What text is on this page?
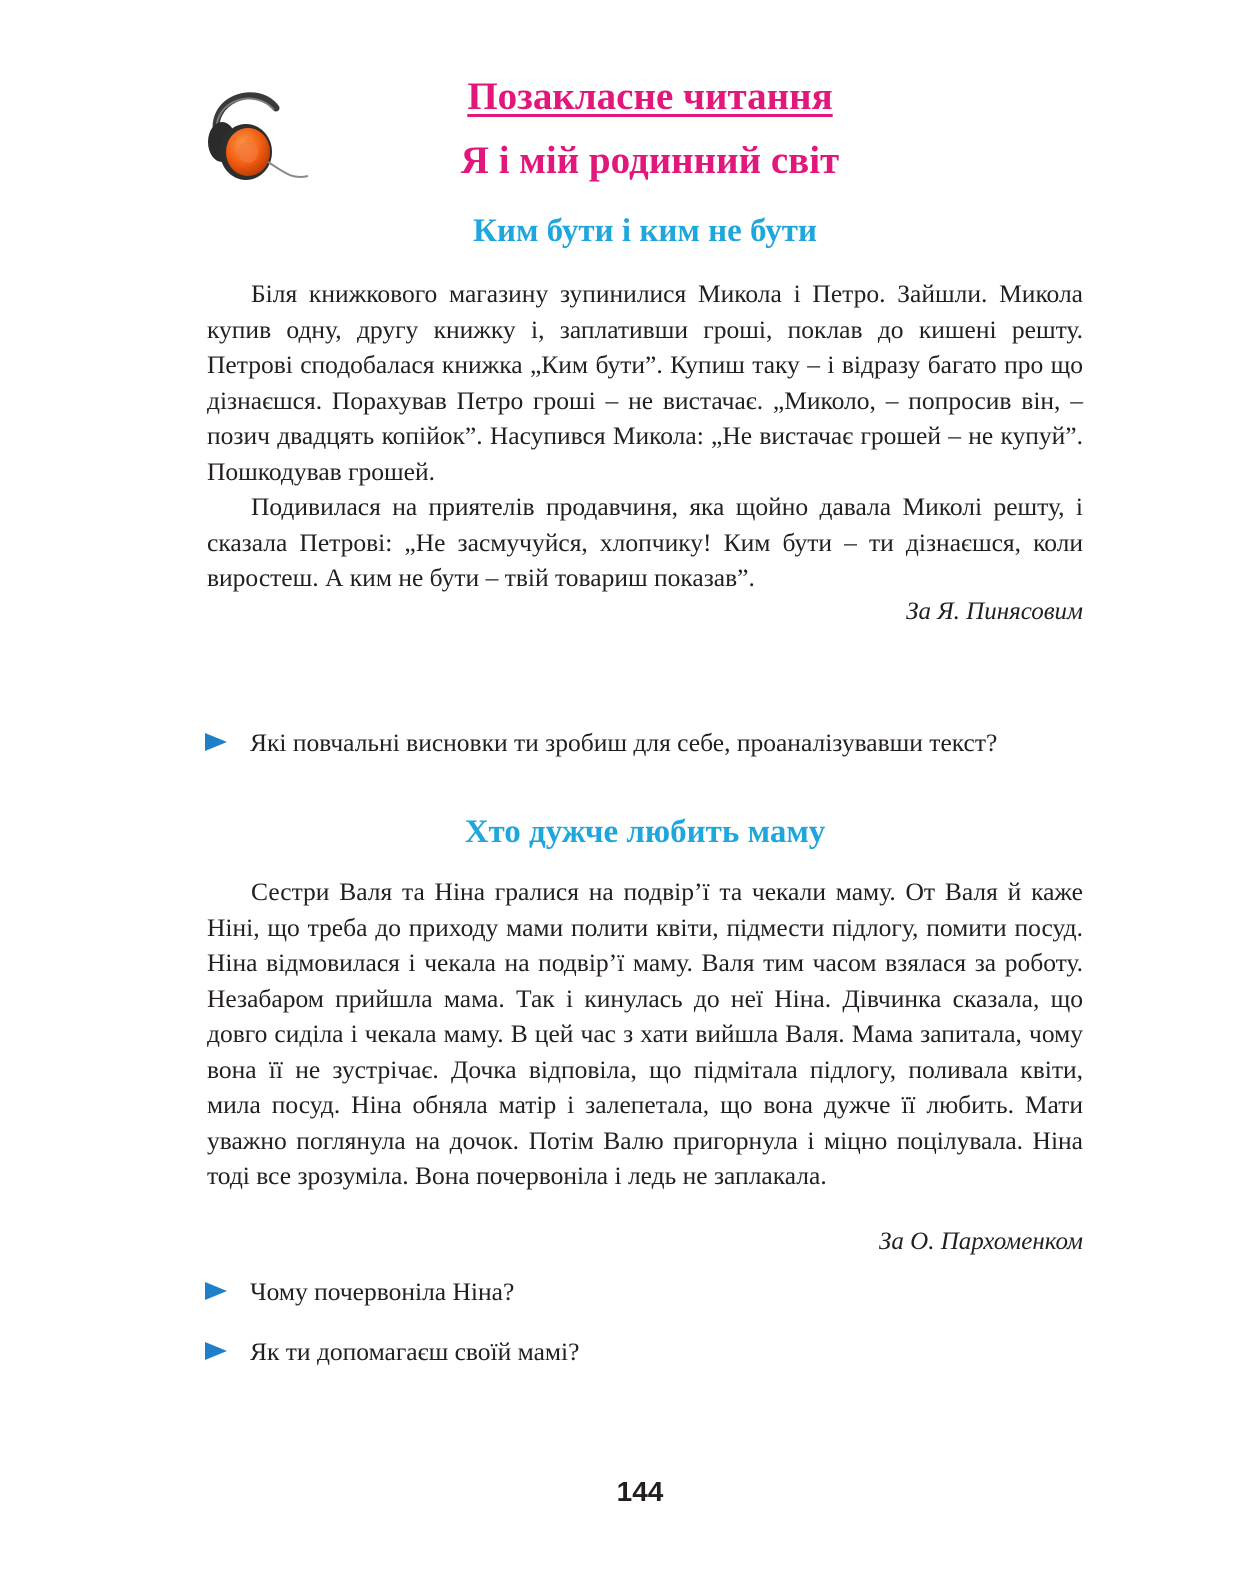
Позакласне читання
Я і мій родинний світ
Ким бути і ким не бути

Біля книжкового магазину зупинилися Микола і Петро. Зайшли. Микола купив одну, другу книжку і, заплативши гроші, поклав до кишені решту. Петрові сподобалася книжка „Ким бути”. Купиш таку – і відразу багато про що дізнаєшся. Порахував Петро гроші – не вистачає. „Миколо, – попросив він, – позич двадцять копійок”. Насупився Микола: „Не вистачає грошей – не купуй”. Пошкодував грошей.

Подивилася на приятелів продавчиня, яка щойно давала Миколі решту, і сказала Петрові: „Не засмучуйся, хлопчику! Ким бути – ти дізнаєшся, коли виростеш. А ким не бути – твій товариш показав”.

За Я. Пинясовим
Які повчальні висновки ти зробиш для себе, проаналізувавши текст?
Хто дужче любить маму

Сестри Валя та Ніна гралися на подвір’ї та чекали маму. От Валя й каже Ніні, що треба до приходу мами полити квіти, підмести підлогу, помити посуд. Ніна відмовилася і чекала на подвір’ї маму. Валя тим часом взялася за роботу. Незабаром прийшла мама. Так і кинулась до неї Ніна. Дівчинка сказала, що довго сиділа і чекала маму. В цей час з хати вийшла Валя. Мама запитала, чому вона її не зустрічає. Дочка відповіла, що підмітала підлогу, поливала квіти, мила посуд. Ніна обняла матір і залепетала, що вона дужче її любить. Мати уважно поглянула на дочок. Потім Валю пригорнула і міцно поцілувала. Ніна тоді все зрозуміла. Вона почервоніла і ледь не заплакала.

За О. Пархоменком
Чому почервоніла Ніна?
Як ти допомагаєш своїй мамі?
144
